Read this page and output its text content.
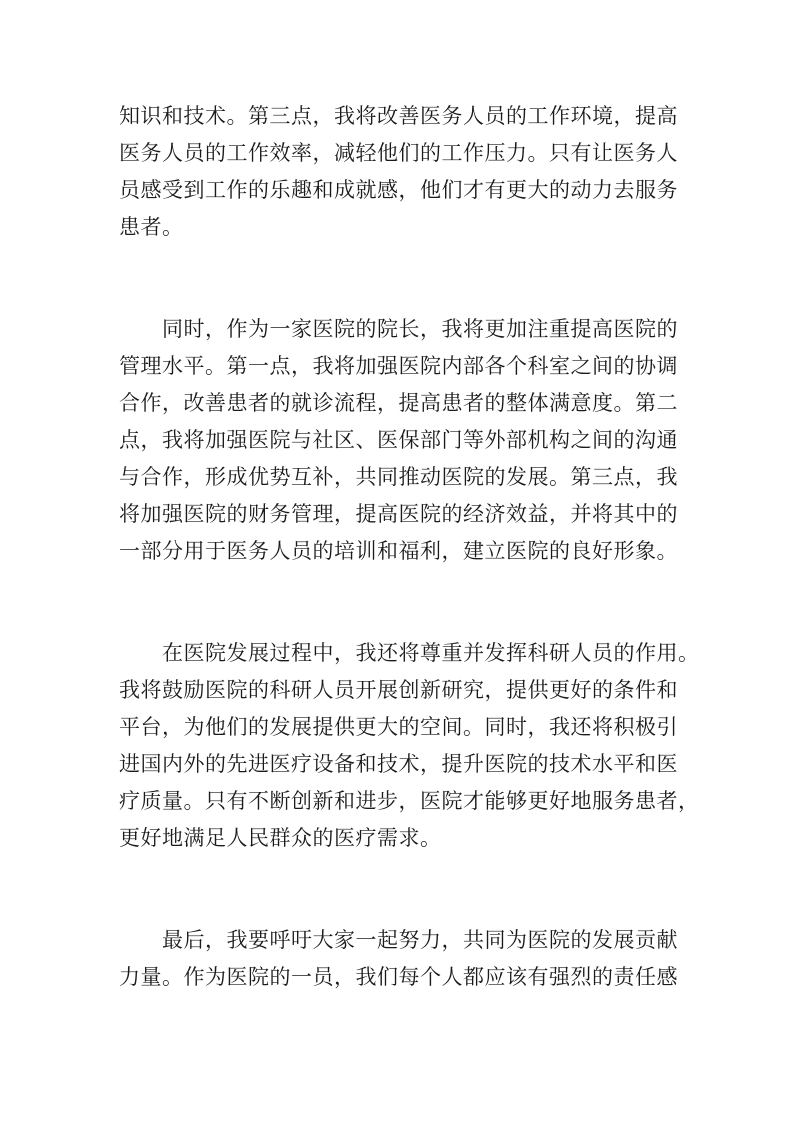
知识和技术。第三点，我将改善医务人员的工作环境，提高
医务人员的工作效率，减轻他们的工作压力。只有让医务人
员感受到工作的乐趣和成就感，他们才有更大的动力去服务
患者。
　　同时，作为一家医院的院长，我将更加注重提高医院的
管理水平。第一点，我将加强医院内部各个科室之间的协调
合作，改善患者的就诊流程，提高患者的整体满意度。第二
点，我将加强医院与社区、医保部门等外部机构之间的沟通
与合作，形成优势互补，共同推动医院的发展。第三点，我
将加强医院的财务管理，提高医院的经济效益，并将其中的
一部分用于医务人员的培训和福利，建立医院的良好形象。
　　在医院发展过程中，我还将尊重并发挥科研人员的作用。
我将鼓励医院的科研人员开展创新研究，提供更好的条件和
平台，为他们的发展提供更大的空间。同时，我还将积极引
进国内外的先进医疗设备和技术，提升医院的技术水平和医
疗质量。只有不断创新和进步，医院才能够更好地服务患者，
更好地满足人民群众的医疗需求。
　　最后，我要呼吁大家一起努力，共同为医院的发展贡献
力量。作为医院的一员，我们每个人都应该有强烈的责任感
